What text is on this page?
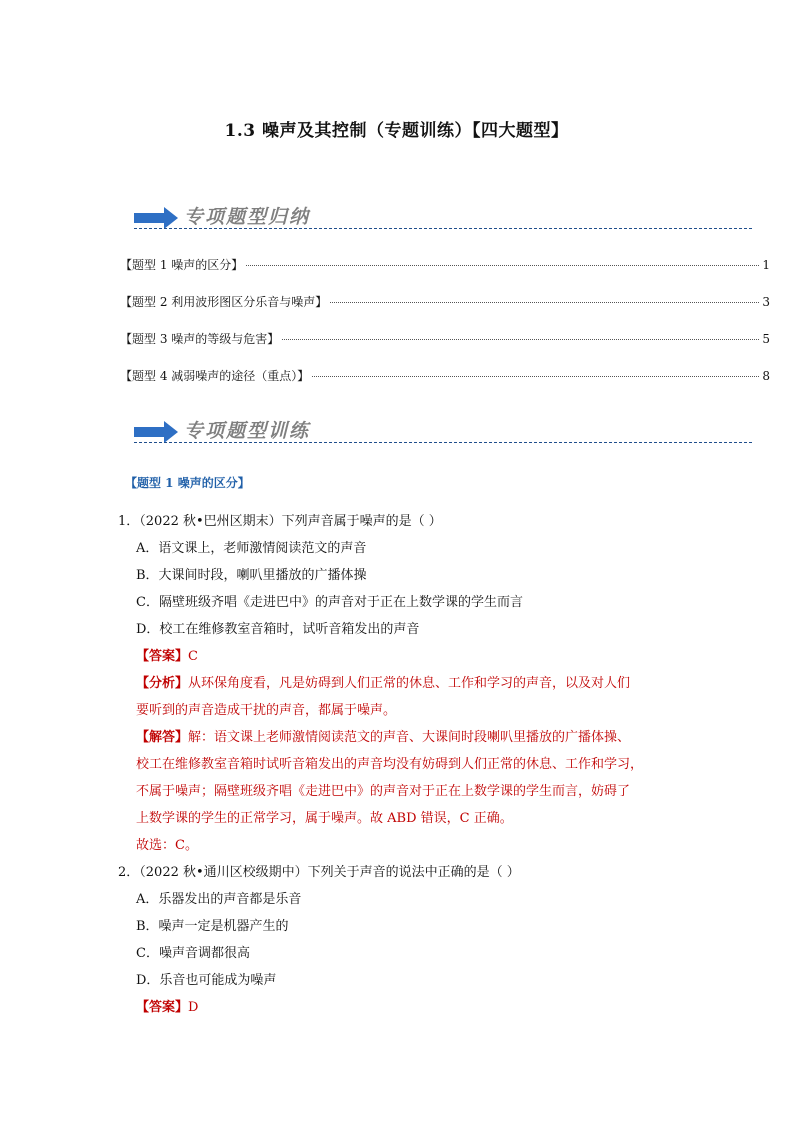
1.3 噪声及其控制（专题训练）【四大题型】
专项题型归纳
【题型 1 噪声的区分】	1
【题型 2 利用波形图区分乐音与噪声】	3
【题型 3 噪声的等级与危害】	5
【题型 4 减弱噪声的途径（重点）】	8
专项题型训练
【题型 1 噪声的区分】
1．（2022 秋•巴州区期末）下列声音属于噪声的是（ ）
A．语文课上，老师激情阅读范文的声音
B．大课间时段，喇叭里播放的广播体操
C．隔壁班级齐唱《走进巴中》的声音对于正在上数学课的学生而言
D．校工在维修教室音箱时，试听音箱发出的声音
【答案】C
【分析】从环保角度看，凡是妨碍到人们正常的休息、工作和学习的声音，以及对人们
要听到的声音造成干扰的声音，都属于噪声。
【解答】解：语文课上老师激情阅读范文的声音、大课间时段喇叭里播放的广播体操、
校工在维修教室音箱时试听音箱发出的声音均没有妨碍到人们正常的休息、工作和学习，
不属于噪声；隔壁班级齐唱《走进巴中》的声音对于正在上数学课的学生而言，妨碍了
上数学课的学生的正常学习，属于噪声。故 ABD 错误，C 正确。
故选：C。
2．（2022 秋•通川区校级期中）下列关于声音的说法中正确的是（ ）
A．乐器发出的声音都是乐音
B．噪声一定是机器产生的
C．噪声音调都很高
D．乐音也可能成为噪声
【答案】D
